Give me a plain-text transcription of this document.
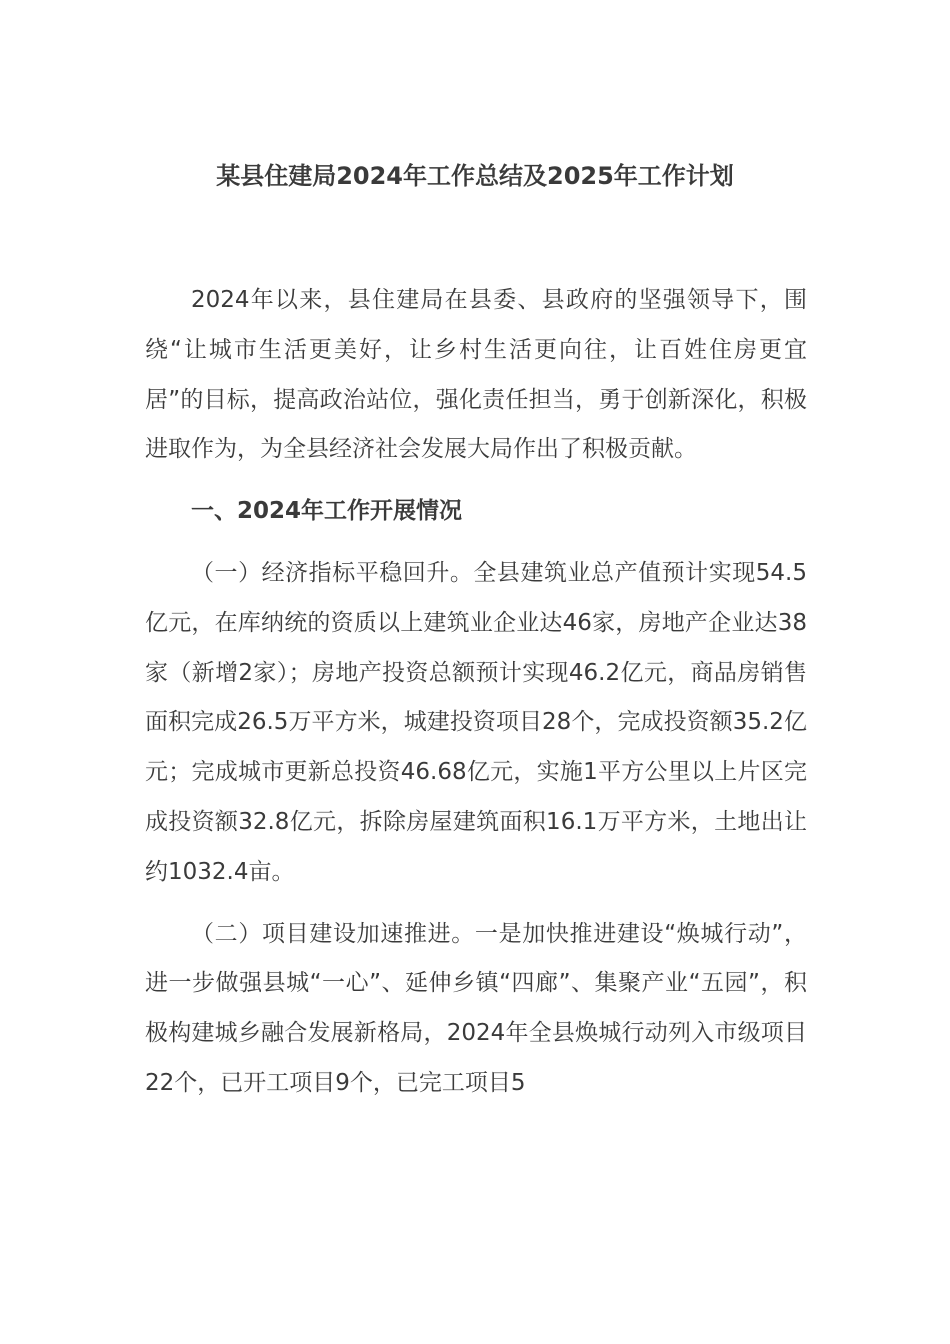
某县住建局2024年工作总结及2025年工作计划

2024年以来，县住建局在县委、县政府的坚强领导下，围绕“让城市生活更美好，让乡村生活更向往，让百姓住房更宜居”的目标，提高政治站位，强化责任担当，勇于创新深化，积极进取作为，为全县经济社会发展大局作出了积极贡献。

一、2024年工作开展情况

（一）经济指标平稳回升。全县建筑业总产值预计实现54.5亿元，在库纳统的资质以上建筑业企业达46家，房地产企业达38家（新增2家）；房地产投资总额预计实现46.2亿元，商品房销售面积完成26.5万平方米，城建投资项目28个，完成投资额35.2亿元；完成城市更新总投资46.68亿元，实施1平方公里以上片区完成投资额32.8亿元，拆除房屋建筑面积16.1万平方米，土地出让约1032.4亩。

（二）项目建设加速推进。一是加快推进建设“焕城行动”，进一步做强县城“一心”、延伸乡镇“四廊”、集聚产业“五园”，积极构建城乡融合发展新格局，2024年全县焕城行动列入市级项目22个，已开工项目9个，已完工项目5
